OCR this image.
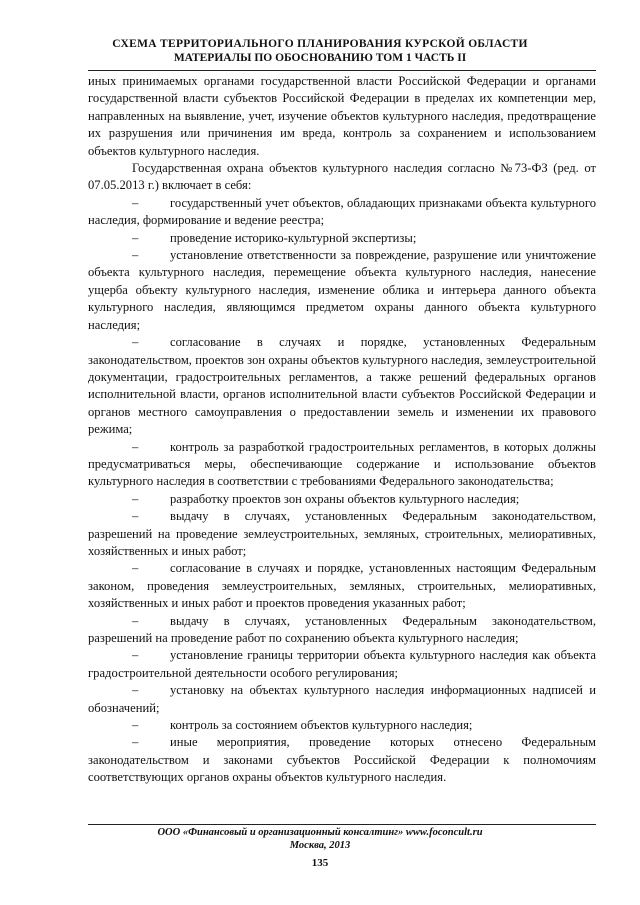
СХЕМА ТЕРРИТОРИАЛЬНОГО ПЛАНИРОВАНИЯ КУРСКОЙ ОБЛАСТИ
МАТЕРИАЛЫ ПО ОБОСНОВАНИЮ ТОМ 1 ЧАСТЬ II

иных принимаемых органами государственной власти Российской Федерации и органами государственной власти субъектов Российской Федерации в пределах их компетенции мер, направленных на выявление, учет, изучение объектов культурного наследия, предотвращение их разрушения или причинения им вреда, контроль за сохранением и использованием объектов культурного наследия.

Государственная охрана объектов культурного наследия согласно №73-ФЗ (ред. от 07.05.2013 г.) включает в себя:

–	государственный учет объектов, обладающих признаками объекта культурного наследия, формирование и ведение реестра;

–	проведение историко-культурной экспертизы;

–	установление ответственности за повреждение, разрушение или уничтожение объекта культурного наследия, перемещение объекта культурного наследия, нанесение ущерба объекту культурного наследия, изменение облика и интерьера данного объекта культурного наследия, являющимся предметом охраны данного объекта культурного наследия;

–	согласование в случаях и порядке, установленных Федеральным законодательством, проектов зон охраны объектов культурного наследия, землеустроительной документации, градостроительных регламентов, а также решений федеральных органов исполнительной власти, органов исполнительной власти субъектов Российской Федерации и органов местного самоуправления о предоставлении земель и изменении их правового режима;

–	контроль за разработкой градостроительных регламентов, в которых должны предусматриваться меры, обеспечивающие содержание и использование объектов культурного наследия в соответствии с требованиями Федерального законодательства;

–	разработку проектов зон охраны объектов культурного наследия;

–	выдачу в случаях, установленных Федеральным законодательством, разрешений на проведение землеустроительных, земляных, строительных, мелиоративных, хозяйственных и иных работ;

–	согласование в случаях и порядке, установленных настоящим Федеральным законом, проведения землеустроительных, земляных, строительных, мелиоративных, хозяйственных и иных работ и проектов проведения указанных работ;

–	выдачу в случаях, установленных Федеральным законодательством, разрешений на проведение работ по сохранению объекта культурного наследия;

–	установление границы территории объекта культурного наследия как объекта градостроительной деятельности особого регулирования;

–	установку на объектах культурного наследия информационных надписей и обозначений;

–	контроль за состоянием объектов культурного наследия;

–	иные мероприятия, проведение которых отнесено Федеральным законодательством и законами субъектов Российской Федерации к полномочиям соответствующих органов охраны объектов культурного наследия.

ООО «Финансовый и организационный консалтинг» www.foconcult.ru
Москва, 2013
135
